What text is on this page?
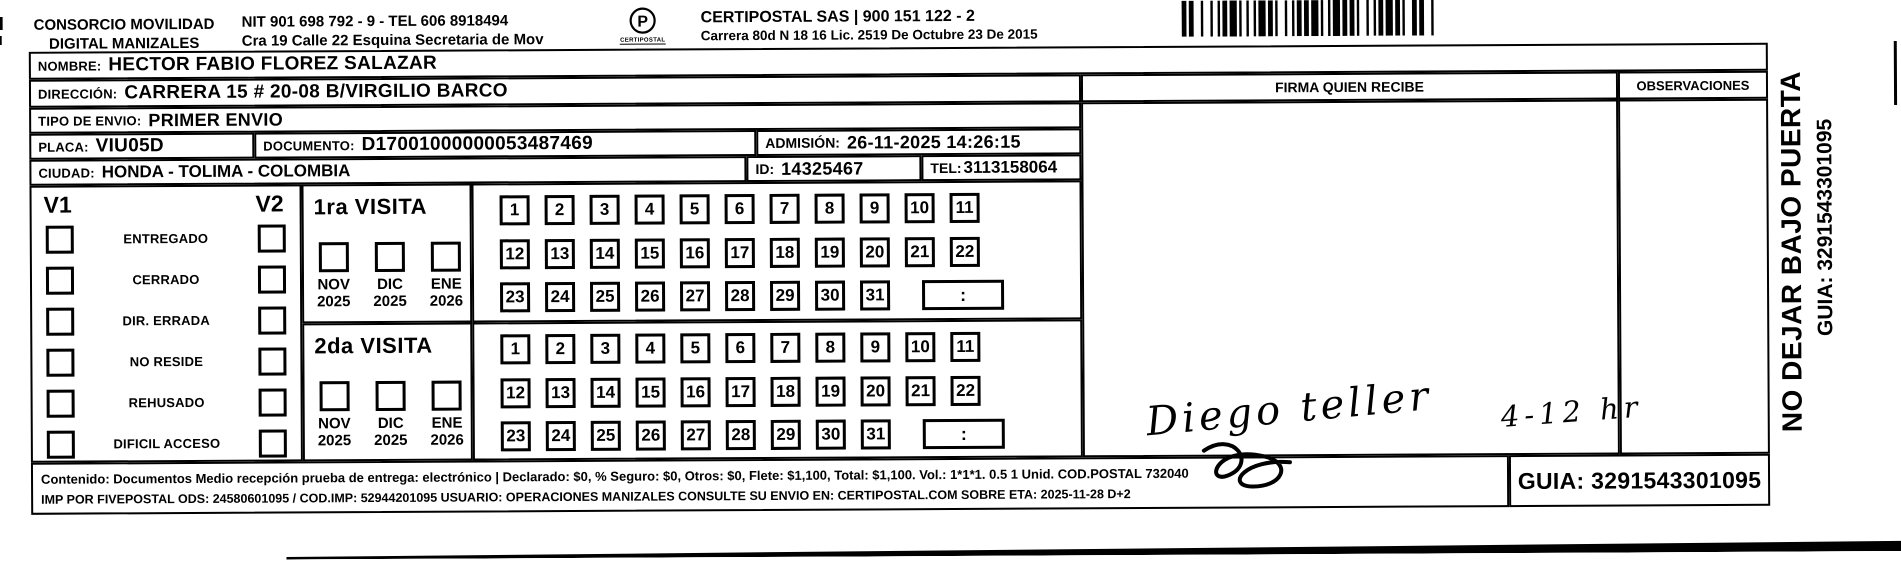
CONSORCIO MOVILIDAD
DIGITAL MANIZALES
NIT 901 698 792 - 9 - TEL 606 8918494
Cra 19 Calle 22 Esquina Secretaria de Mov
P
CERTIPOSTAL
CERTIPOSTAL SAS | 900 151 122 - 2
Carrera 80d N 18 16 Lic. 2519 De Octubre 23 De 2015
NOMBRE: HECTOR FABIO FLOREZ SALAZAR
DIRECCIÓN: CARRERA 15 # 20-08 B/VIRGILIO BARCO	FIRMA QUIEN RECIBE	OBSERVACIONES
TIPO DE ENVIO: PRIMER ENVIO
PLACA: VIU05D	DOCUMENTO: D17001000000053487469	ADMISIÓN: 26-11-2025 14:26:15
CIUDAD: HONDA - TOLIMA - COLOMBIA	ID: 14325467	TEL: 3113158064
V1	V2
ENTREGADO
CERRADO
DIR. ERRADA
NO RESIDE
REHUSADO
DIFICIL ACCESO
1ra VISITA
NOV
2025
DIC
2025
ENE
2026
1	2	3	4	5	6	7	8	9	10	11
12	13	14	15	16	17	18	19	20	21	22
23	24	25	26	27	28	29	30	31	:
2da VISITA
NOV
2025
DIC
2025
ENE
2026
1	2	3	4	5	6	7	8	9	10	11
12	13	14	15	16	17	18	19	20	21	22
23	24	25	26	27	28	29	30	31	:
Contenido: Documentos Medio recepción prueba de entrega: electrónico | Declarado: $0, % Seguro: $0, Otros: $0, Flete: $1,100, Total: $1,100. Vol.: 1*1*1. 0.5 1 Unid. COD.POSTAL 732040
IMP POR FIVEPOSTAL ODS: 24580601095 / COD.IMP: 52944201095 USUARIO: OPERACIONES MANIZALES CONSULTE SU ENVIO EN: CERTIPOSTAL.COM SOBRE ETA: 2025-11-28 D+2
GUIA: 3291543301095
NO DEJAR BAJO PUERTA GUIA: 3291543301095
Diego teller 4-12 hr
